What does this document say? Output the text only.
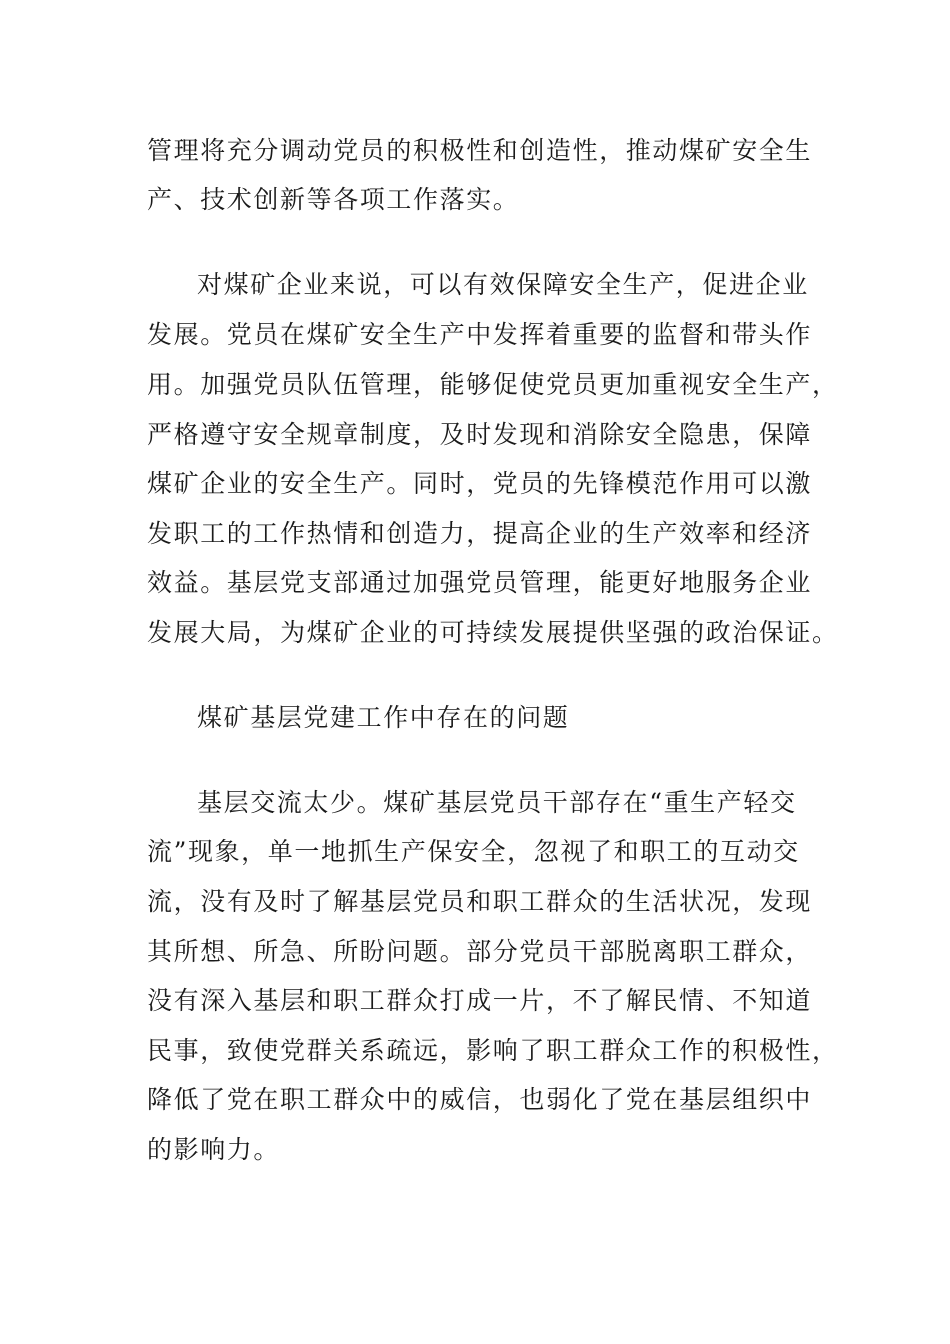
管理将充分调动党员的积极性和创造性，推动煤矿安全生
产、技术创新等各项工作落实。
对煤矿企业来说，可以有效保障安全生产，促进企业
发展。党员在煤矿安全生产中发挥着重要的监督和带头作
用。加强党员队伍管理，能够促使党员更加重视安全生产，
严格遵守安全规章制度，及时发现和消除安全隐患，保障
煤矿企业的安全生产。同时，党员的先锋模范作用可以激
发职工的工作热情和创造力，提高企业的生产效率和经济
效益。基层党支部通过加强党员管理，能更好地服务企业
发展大局，为煤矿企业的可持续发展提供坚强的政治保证。
煤矿基层党建工作中存在的问题
基层交流太少。煤矿基层党员干部存在“重生产轻交
流”现象，单一地抓生产保安全，忽视了和职工的互动交
流，没有及时了解基层党员和职工群众的生活状况，发现
其所想、所急、所盼问题。部分党员干部脱离职工群众，
没有深入基层和职工群众打成一片，不了解民情、不知道
民事，致使党群关系疏远，影响了职工群众工作的积极性，
降低了党在职工群众中的威信，也弱化了党在基层组织中
的影响力。
